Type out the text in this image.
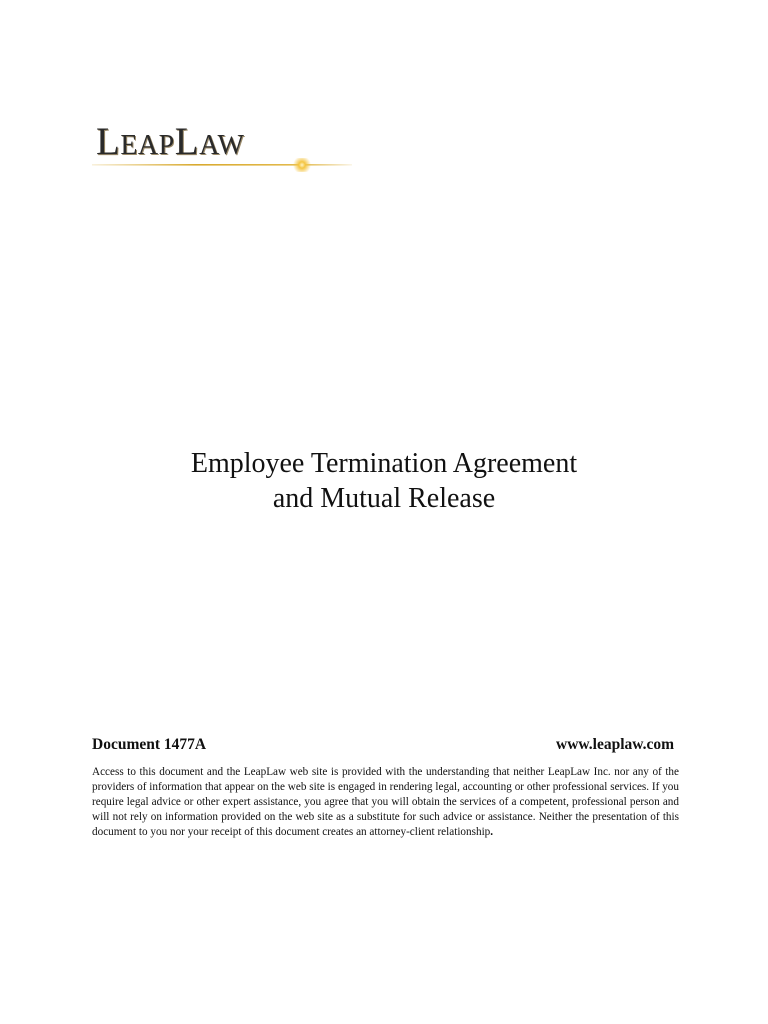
LEAPLAW
Employee Termination Agreement
and Mutual Release
Document 1477A	www.leaplaw.com
Access to this document and the LeapLaw web site is provided with the understanding that neither LeapLaw Inc. nor any of the providers of information that appear on the web site is engaged in rendering legal, accounting or other professional services. If you require legal advice or other expert assistance, you agree that you will obtain the services of a competent, professional person and will not rely on information provided on the web site as a substitute for such advice or assistance. Neither the presentation of this document to you nor your receipt of this document creates an attorney-client relationship.
